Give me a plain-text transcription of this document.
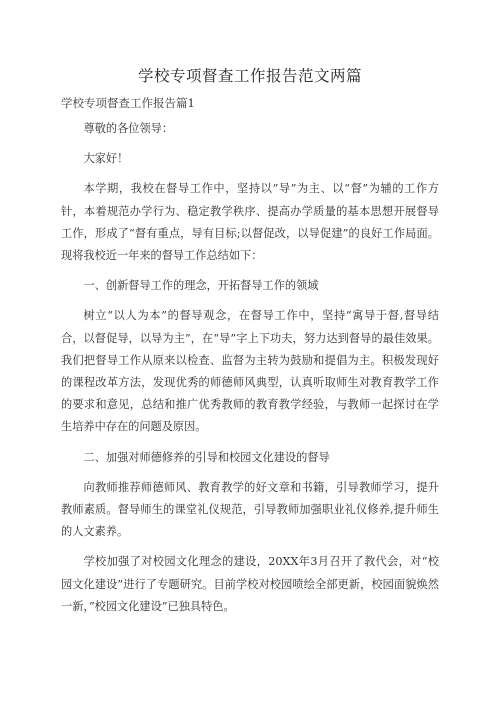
学校专项督查工作报告范文两篇
学校专项督查工作报告篇1

尊敬的各位领导：

大家好！

本学期，我校在督导工作中，坚持以“导”为主、以“督”为辅的工作方针，本着规范办学行为、稳定教学秩序、提高办学质量的基本思想开展督导工作，形成了“督有重点，导有目标;以督促改，以导促建”的良好工作局面。现将我校近一年来的督导工作总结如下：

一、创新督导工作的理念，开拓督导工作的领域

树立“以人为本”的督导观念，在督导工作中，坚持“寓导于督,督导结合，以督促导，以导为主”，在“导”字上下功夫，努力达到督导的最佳效果。我们把督导工作从原来以检查、监督为主转为鼓励和提倡为主。积极发现好的课程改革方法，发现优秀的师德师风典型，认真听取师生对教育教学工作的要求和意见，总结和推广优秀教师的教育教学经验，与教师一起探讨在学生培养中存在的问题及原因。

二、加强对师德修养的引导和校园文化建设的督导

向教师推荐师德师风、教育教学的好文章和书籍，引导教师学习，提升教师素质。督导师生的课堂礼仪规范，引导教师加强职业礼仪修养,提升师生的人文素养。

学校加强了对校园文化理念的建设，20XX年3月召开了教代会，对“校园文化建设”进行了专题研究。目前学校对校园喷绘全部更新，校园面貌焕然一新，”校园文化建设”已独具特色。
